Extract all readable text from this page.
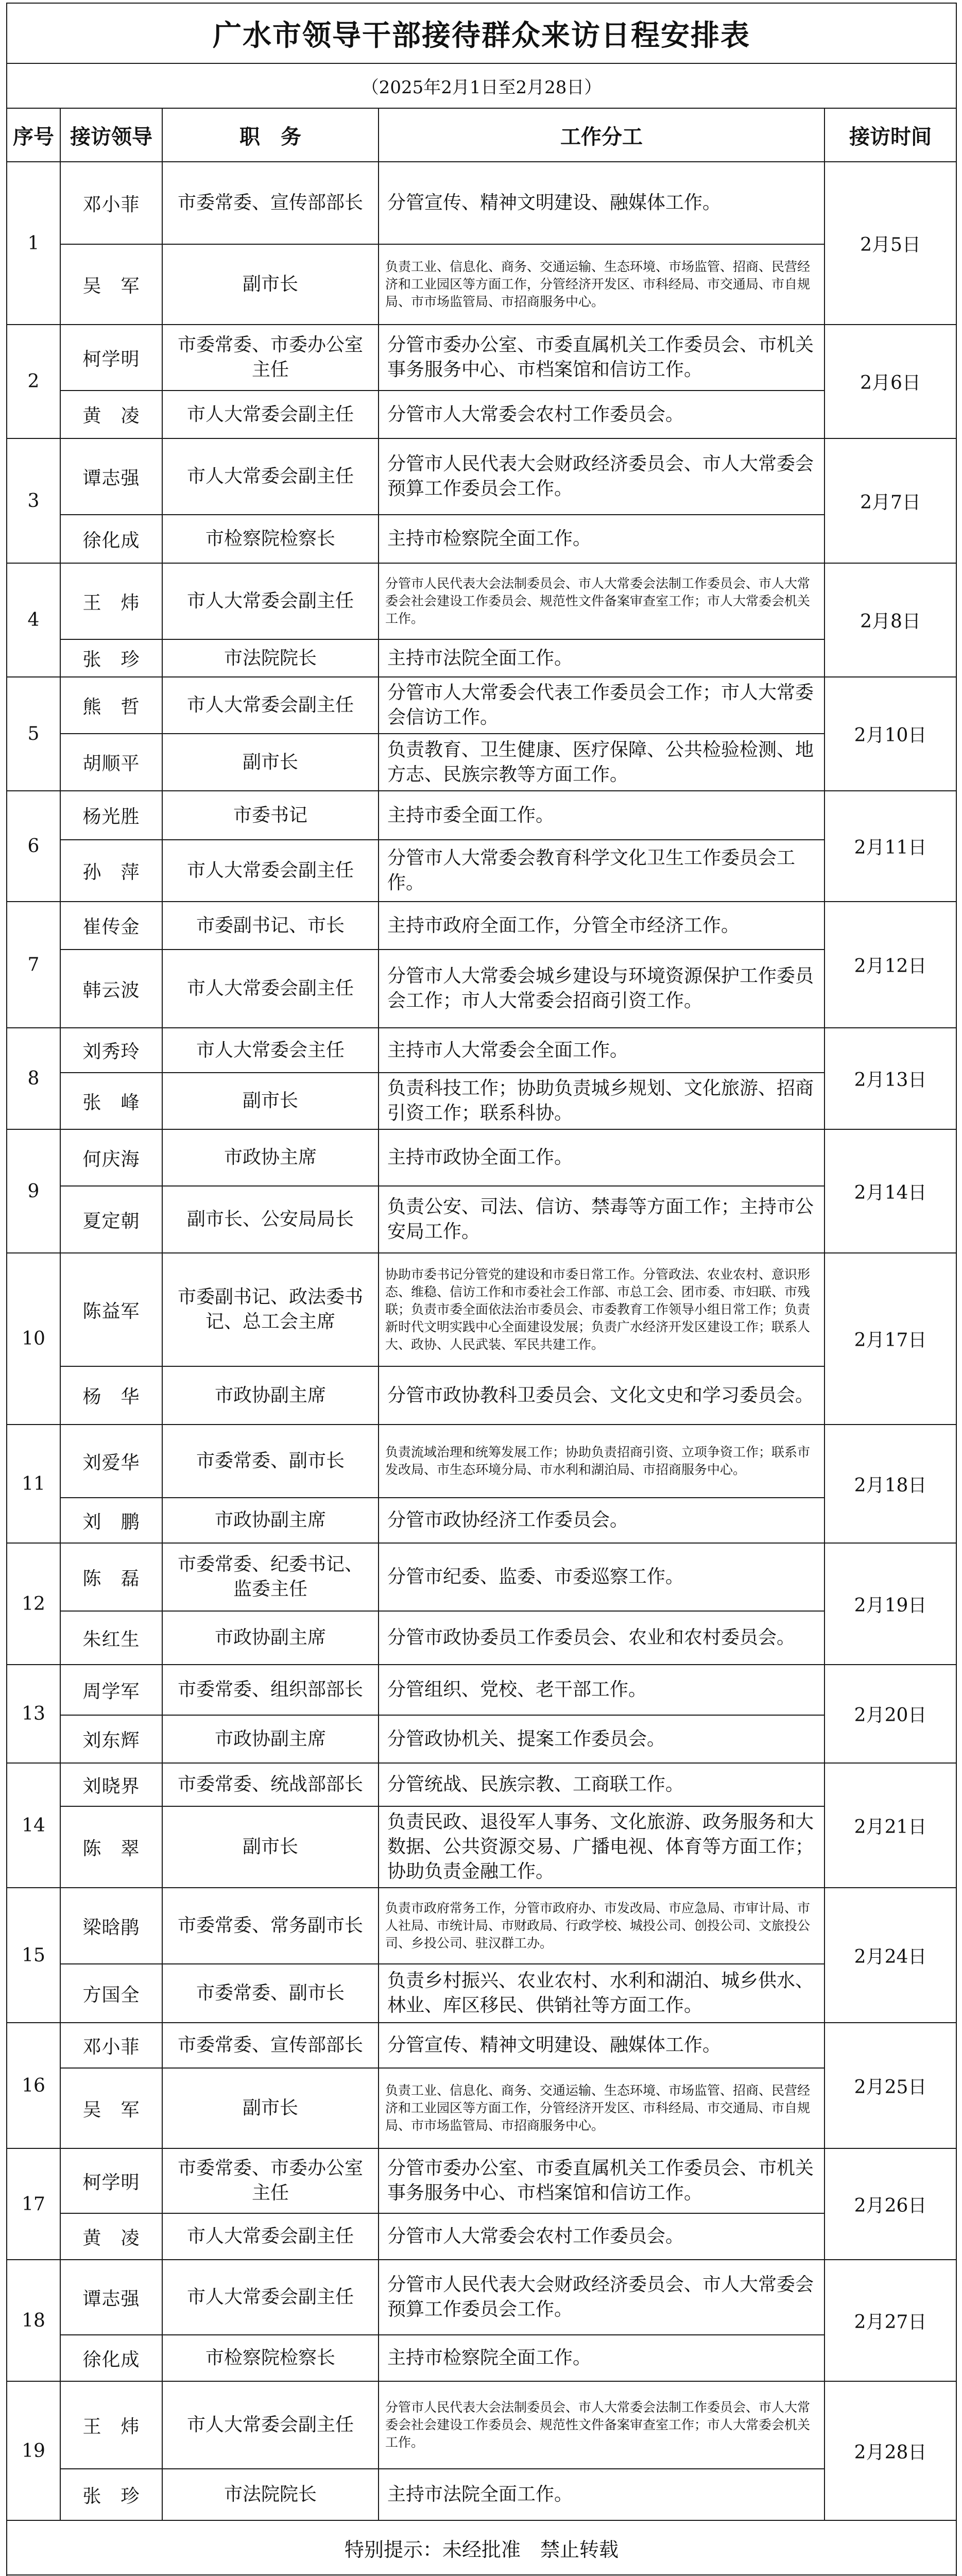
广水市领导干部接待群众来访日程安排表				
（2025年2月1日至2月28日）				
序号	接访领导	职　务	工作分工	接访时间
1	邓小菲	市委常委、宣传部部长	分管宣传、精神文明建设、融媒体工作。	2月5日
	吴　军	副市长	负责工业、信息化、商务、交通运输、生态环境、市场监管、招商、民营经济和工业园区等方面工作，分管经济开发区、市科经局、市交通局、市自规局、市市场监管局、市招商服务中心。	
2	柯学明	市委常委、市委办公室主任	分管市委办公室、市委直属机关工作委员会、市机关事务服务中心、市档案馆和信访工作。	2月6日
	黄　凌	市人大常委会副主任	分管市人大常委会农村工作委员会。	
3	谭志强	市人大常委会副主任	分管市人民代表大会财政经济委员会、市人大常委会预算工作委员会工作。	2月7日
	徐化成	市检察院检察长	主持市检察院全面工作。	
4	王　炜	市人大常委会副主任	分管市人民代表大会法制委员会、市人大常委会法制工作委员会、市人大常委会社会建设工作委员会、规范性文件备案审查室工作；市人大常委会机关工作。	2月8日
	张　珍	市法院院长	主持市法院全面工作。	
5	熊　哲	市人大常委会副主任	分管市人大常委会代表工作委员会工作；市人大常委会信访工作。	2月10日
	胡顺平	副市长	负责教育、卫生健康、医疗保障、公共检验检测、地方志、民族宗教等方面工作。	
6	杨光胜	市委书记	主持市委全面工作。	2月11日
	孙　萍	市人大常委会副主任	分管市人大常委会教育科学文化卫生工作委员会工作。	
7	崔传金	市委副书记、市长	主持市政府全面工作，分管全市经济工作。	2月12日
	韩云波	市人大常委会副主任	分管市人大常委会城乡建设与环境资源保护工作委员会工作；市人大常委会招商引资工作。	
8	刘秀玲	市人大常委会主任	主持市人大常委会全面工作。	2月13日
	张　峰	副市长	负责科技工作；协助负责城乡规划、文化旅游、招商引资工作；联系科协。	
9	何庆海	市政协主席	主持市政协全面工作。	2月14日
	夏定朝	副市长、公安局局长	负责公安、司法、信访、禁毒等方面工作；主持市公安局工作。	
10	陈益军	市委副书记、政法委书记、总工会主席	协助市委书记分管党的建设和市委日常工作。分管政法、农业农村、意识形态、维稳、信访工作和市委社会工作部、市总工会、团市委、市妇联、市残联；负责市委全面依法治市委员会、市委教育工作领导小组日常工作；负责新时代文明实践中心全面建设发展；负责广水经济开发区建设工作；联系人大、政协、人民武装、军民共建工作。	2月17日
	杨　华	市政协副主席	分管市政协教科卫委员会、文化文史和学习委员会。	
11	刘爱华	市委常委、副市长	负责流域治理和统筹发展工作；协助负责招商引资、立项争资工作；联系市发改局、市生态环境分局、市水利和湖泊局、市招商服务中心。	2月18日
	刘　鹏	市政协副主席	分管市政协经济工作委员会。	
12	陈　磊	市委常委、纪委书记、监委主任	分管市纪委、监委、市委巡察工作。	2月19日
	朱红生	市政协副主席	分管市政协委员工作委员会、农业和农村委员会。	
13	周学军	市委常委、组织部部长	分管组织、党校、老干部工作。	2月20日
	刘东辉	市政协副主席	分管政协机关、提案工作委员会。	
14	刘晓界	市委常委、统战部部长	分管统战、民族宗教、工商联工作。	2月21日
	陈　翠	副市长	负责民政、退役军人事务、文化旅游、政务服务和大数据、公共资源交易、广播电视、体育等方面工作；协助负责金融工作。	
15	梁晗鹃	市委常委、常务副市长	负责市政府常务工作，分管市政府办、市发改局、市应急局、市审计局、市人社局、市统计局、市财政局、行政学校、城投公司、创投公司、文旅投公司、乡投公司、驻汉群工办。	2月24日
	方国全	市委常委、副市长	负责乡村振兴、农业农村、水利和湖泊、城乡供水、林业、库区移民、供销社等方面工作。	
16	邓小菲	市委常委、宣传部部长	分管宣传、精神文明建设、融媒体工作。	2月25日
	吴　军	副市长	负责工业、信息化、商务、交通运输、生态环境、市场监管、招商、民营经济和工业园区等方面工作，分管经济开发区、市科经局、市交通局、市自规局、市市场监管局、市招商服务中心。	
17	柯学明	市委常委、市委办公室主任	分管市委办公室、市委直属机关工作委员会、市机关事务服务中心、市档案馆和信访工作。	2月26日
	黄　凌	市人大常委会副主任	分管市人大常委会农村工作委员会。	
18	谭志强	市人大常委会副主任	分管市人民代表大会财政经济委员会、市人大常委会预算工作委员会工作。	2月27日
	徐化成	市检察院检察长	主持市检察院全面工作。	
19	王　炜	市人大常委会副主任	分管市人民代表大会法制委员会、市人大常委会法制工作委员会、市人大常委会社会建设工作委员会、规范性文件备案审查室工作；市人大常委会机关工作。	2月28日
	张　珍	市法院院长	主持市法院全面工作。	
特别提示：未经批准　禁止转载				
